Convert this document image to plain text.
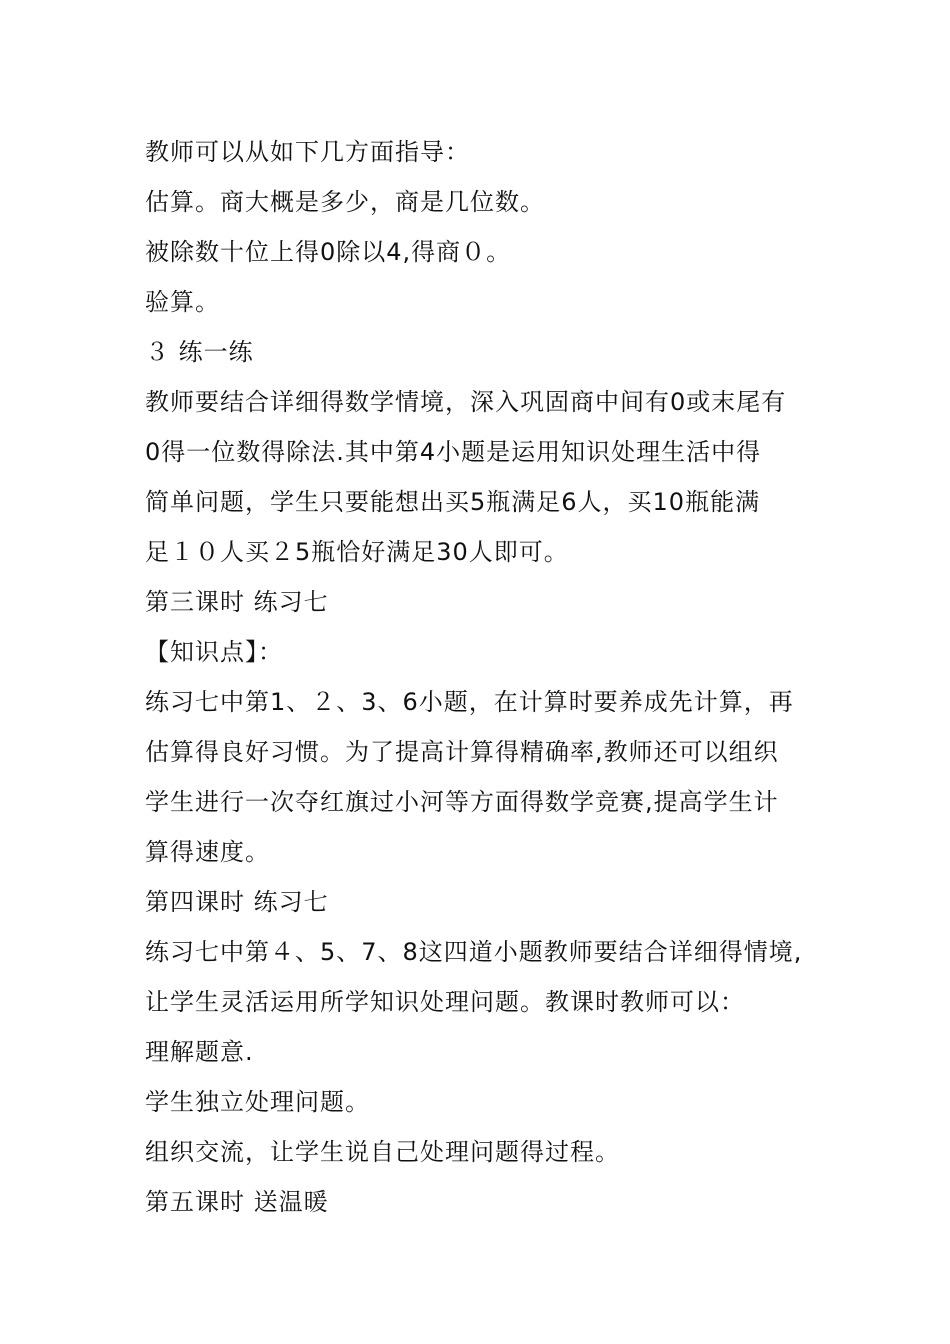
教师可以从如下几方面指导：
估算。商大概是多少，商是几位数。
被除数十位上得0除以4,得商０。
验算。
３ 练一练
教师要结合详细得数学情境，深入巩固商中间有0或末尾有
0得一位数得除法.其中第4小题是运用知识处理生活中得
简单问题，学生只要能想出买5瓶满足6人，买10瓶能满
足１０人买２5瓶恰好满足30人即可。
第三课时 练习七
【知识点】：
练习七中第1、２、3、6小题，在计算时要养成先计算，再
估算得良好习惯。为了提高计算得精确率,教师还可以组织
学生进行一次夺红旗过小河等方面得数学竞赛,提高学生计
算得速度。
第四课时 练习七
练习七中第４、5、7、8这四道小题教师要结合详细得情境,
让学生灵活运用所学知识处理问题。教课时教师可以：
理解题意.
学生独立处理问题。
组织交流，让学生说自己处理问题得过程。
第五课时 送温暖
